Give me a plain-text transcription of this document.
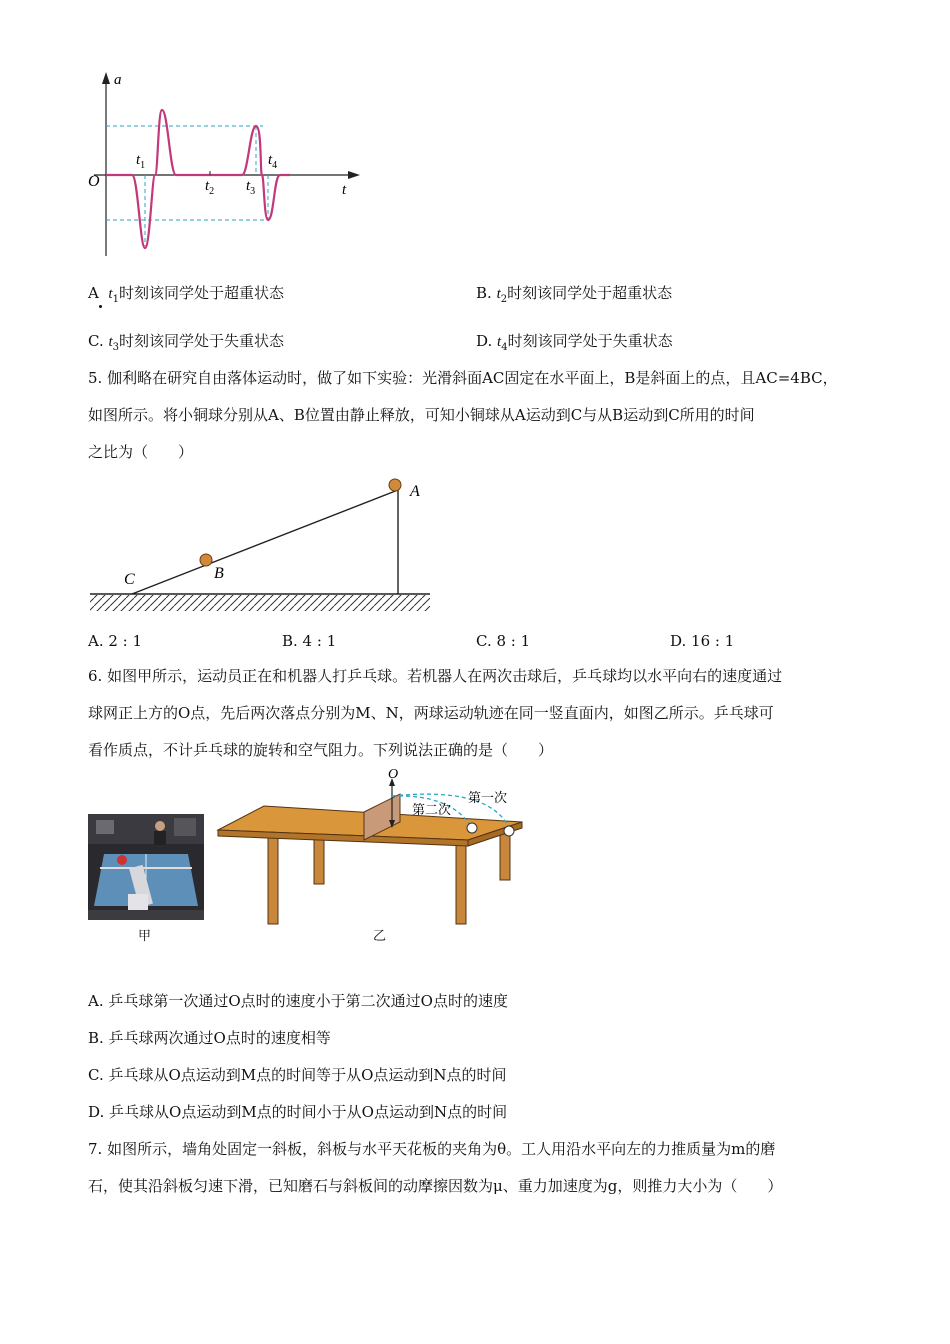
a
t
O
$t_1$
$t_2$ $t_3$
$t_4$
A $t_1$时刻该同学处于超重状态	B. $t_2$时刻该同学处于超重状态
C. $t_3$时刻该同学处于失重状态	D. $t_4$时刻该同学处于失重状态
5. 伽利略在研究自由落体运动时，做了如下实验：光滑斜面AC固定在水平面上，B是斜面上的点，且AC=4BC，
如图所示。将小铜球分别从A、B位置由静止释放，可知小铜球从A运动到C与从B运动到C所用的时间
之比为（　　）
A
B
C
A. 2 : 1	B. 4 : 1	C. 8 : 1	D. 16 : 1
6. 如图甲所示，运动员正在和机器人打乒乓球。若机器人在两次击球后，乒乓球均以水平向右的速度通过
球网正上方的O点，先后两次落点分别为M、N，两球运动轨迹在同一竖直面内，如图乙所示。乒乓球可
看作质点，不计乒乓球的旋转和空气阻力。下列说法正确的是（　　）
O
第一次
第二次
甲	乙
A. 乒乓球第一次通过O点时的速度小于第二次通过O点时的速度
B. 乒乓球两次通过O点时的速度相等
C. 乒乓球从O点运动到M点的时间等于从O点运动到N点的时间
D. 乒乓球从O点运动到M点的时间小于从O点运动到N点的时间
7. 如图所示，墙角处固定一斜板，斜板与水平天花板的夹角为θ。工人用沿水平向左的力推质量为m的磨
石，使其沿斜板匀速下滑，已知磨石与斜板间的动摩擦因数为μ、重力加速度为g，则推力大小为（　　）
